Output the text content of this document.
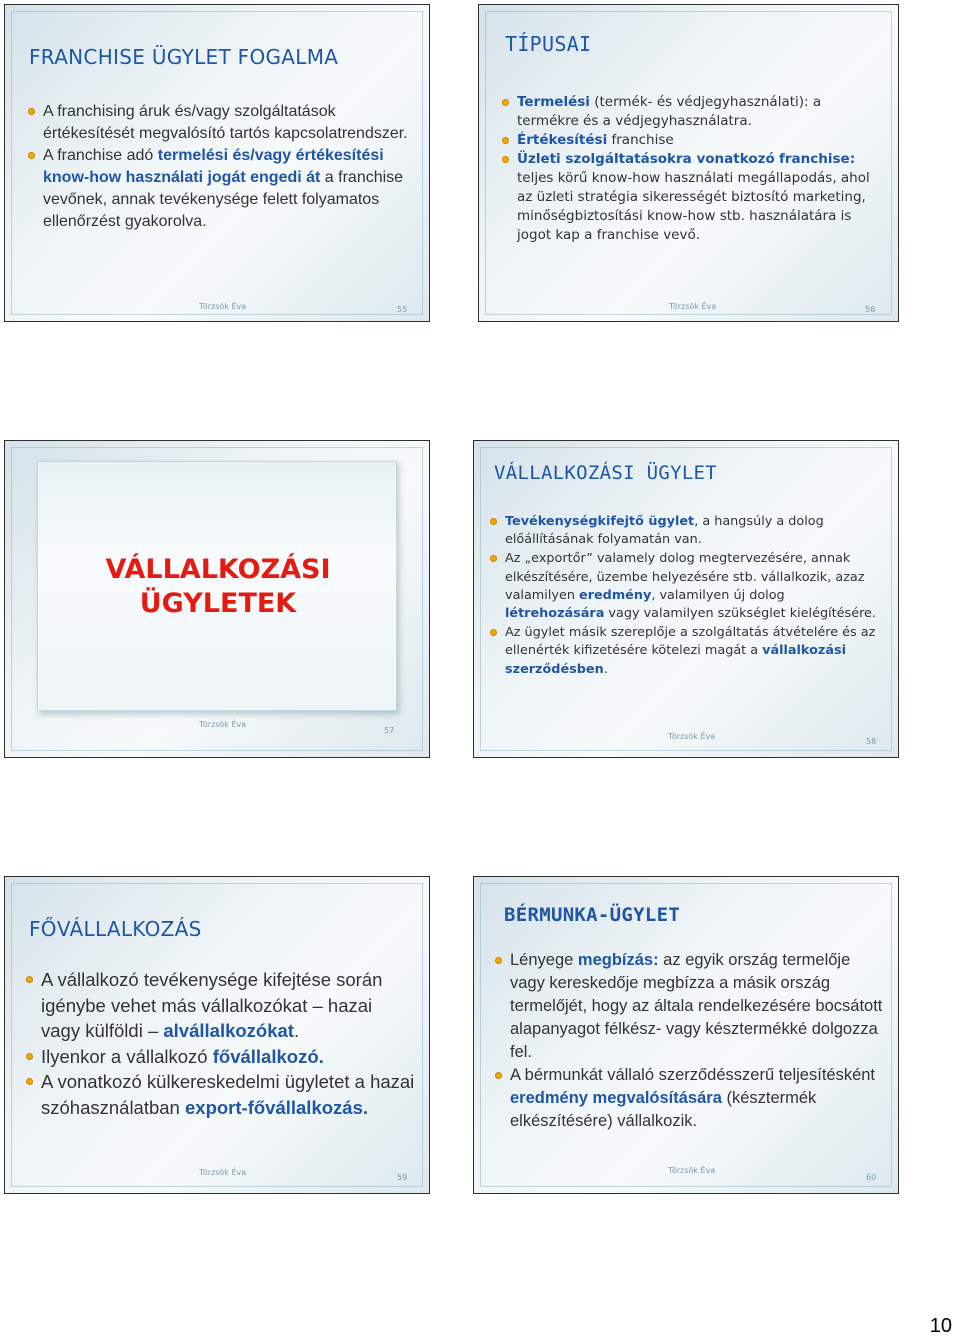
FRANCHISE ÜGYLET FOGALMA
A franchising áruk és/vagy szolgáltatások értékesítését megvalósító tartós kapcsolatrendszer.
A franchise adó termelési és/vagy értékesítési know-how használati jogát engedi át a franchise vevőnek, annak tevékenysége felett folyamatos ellenőrzést gyakorolva.
Törzsök Éva	55
TÍPUSAI
Termelési (termék- és védjegyhasználati): a termékre és a védjegyhasználatra.
Értékesítési franchise
Üzleti szolgáltatásokra vonatkozó franchise: teljes körű know-how használati megállapodás, ahol az üzleti stratégia sikerességét biztosító marketing, minőségbiztosítási know-how stb. használatára is jogot kap a franchise vevő.
Törzsök Éva	56
VÁLLALKOZÁSI
ÜGYLETEK
Törzsök Éva
57
VÁLLALKOZÁSI ÜGYLET
Tevékenységkifejtő ügylet, a hangsúly a dolog előállításának folyamatán van.
Az „exportőr” valamely dolog megtervezésére, annak elkészítésére, üzembe helyezésére stb. vállalkozik, azaz valamilyen eredmény, valamilyen új dolog létrehozására vagy valamilyen szükséglet kielégítésére.
Az ügylet másik szereplője a szolgáltatás átvételére és az ellenérték kifizetésére kötelezi magát a vállalkozási szerződésben.
Törzsök Éva
58
FŐVÁLLALKOZÁS
A vállalkozó tevékenysége kifejtése során igénybe vehet más vállalkozókat – hazai vagy külföldi – alvállalkozókat.
Ilyenkor a vállalkozó fővállalkozó.
A vonatkozó külkereskedelmi ügyletet a hazai szóhasználatban export-fővállalkozás.
Törzsök Éva
59
BÉRMUNKA-ÜGYLET
Lényege megbízás: az egyik ország termelője vagy kereskedője megbízza a másik ország termelőjét, hogy az általa rendelkezésére bocsátott alapanyagot félkész- vagy késztermékké dolgozza fel.
A bérmunkát vállaló szerződésszerű teljesítésként eredmény megvalósítására (késztermék elkészítésére) vállalkozik.
Törzsök Éva
60
10
